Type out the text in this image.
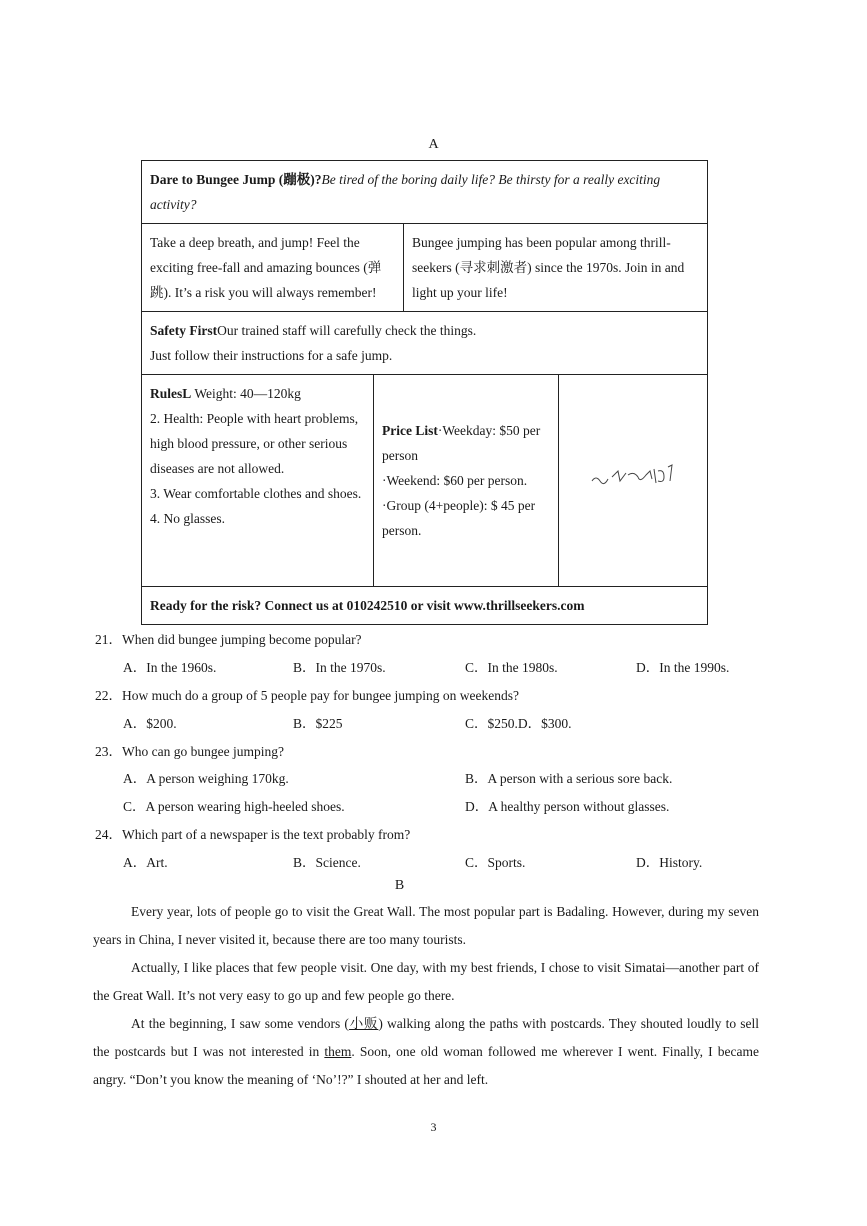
A
Dare to Bungee Jump (蹦极)?Be tired of the boring daily life? Be thirsty for a really exciting activity?			
Take a deep breath, and jump! Feel the exciting free-fall and amazing bounces (弹跳). It’s a risk you will always remember!		Bungee jumping has been popular among thrill-seekers (寻求刺激者) since the 1970s. Join in and light up your life!	
Safety FirstOur trained staff will carefully check the things.
Just follow their instructions for a safe jump.			
RulesL Weight: 40—120kg
2. Health: People with heart problems, high blood pressure, or other serious diseases are not allowed.
3. Wear comfortable clothes and shoes.
4. No glasses.	Price List·Weekday: $50 per person
·Weekend: $60 per person.
·Group (4+people): $ 45 per person.	
Ready for the risk? Connect us at 010242510 or visit www.thrillseekers.com			
21．When did bungee jumping become popular?
A．In the 1960s.	B．In the 1970s.	C．In the 1980s.	D．In the 1990s.
22．How much do a group of 5 people pay for bungee jumping on weekends?
A．$200.	B．$225	C．$250.D．$300.
23．Who can go bungee jumping?
A．A person weighing 170kg.	B．A person with a serious sore back.
C．A person wearing high-heeled shoes.	D．A healthy person without glasses.
24．Which part of a newspaper is the text probably from?
A．Art.	B．Science.	C．Sports.	D．History.
B
Every year, lots of people go to visit the Great Wall. The most popular part is Badaling. However, during my seven years in China, I never visited it, because there are too many tourists.
Actually, I like places that few people visit. One day, with my best friends, I chose to visit Simatai—another part of the Great Wall. It’s not very easy to go up and few people go there.
At the beginning, I saw some vendors (小贩) walking along the paths with postcards. They shouted loudly to sell the postcards but I was not interested in them. Soon, one old woman followed me wherever I went. Finally, I became angry. “Don’t you know the meaning of ‘No’!?” I shouted at her and left.
3
